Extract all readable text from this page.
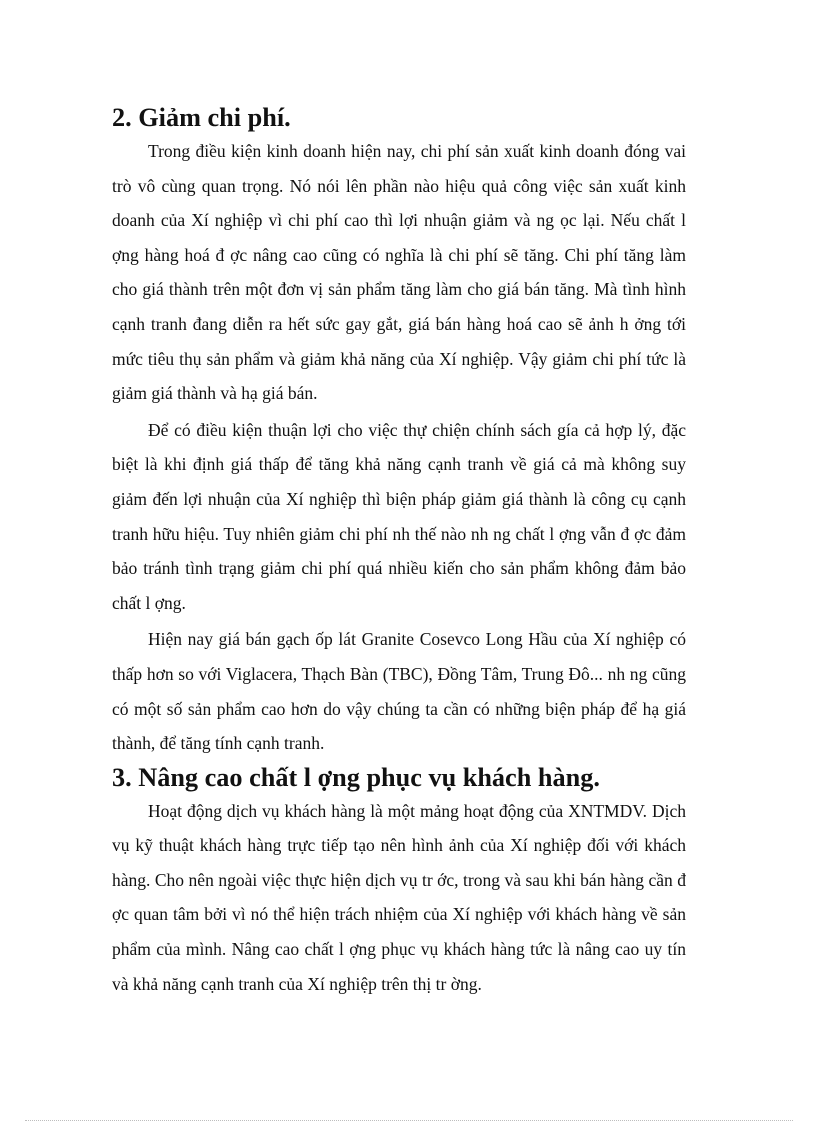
2. Giảm chi phí.

Trong điều kiện kinh doanh hiện nay, chi phí sản xuất kinh doanh đóng vai trò vô cùng quan trọng. Nó nói lên phần nào hiệu quả công việc sản xuất kinh doanh của Xí nghiệp vì chi phí cao thì lợi nhuận giảm và ng ọc lại. Nếu chất l ợng hàng hoá đ ợc nâng cao cũng có nghĩa là chi phí sẽ tăng. Chi phí tăng làm cho giá thành trên một đơn vị sản phẩm tăng làm cho giá bán tăng. Mà tình hình cạnh tranh đang diễn ra hết sức gay gắt, giá bán hàng hoá cao sẽ ảnh h ởng tới mức tiêu thụ sản phẩm và giảm khả năng của Xí nghiệp. Vậy giảm chi phí tức là giảm giá thành và hạ giá bán.

Để có điều kiện thuận lợi cho việc thự chiện chính sách gía cả hợp lý, đặc biệt là khi định giá thấp để tăng khả năng cạnh tranh về giá cả mà không suy giảm đến lợi nhuận của Xí nghiệp thì biện pháp giảm giá thành là công cụ cạnh tranh hữu hiệu. Tuy nhiên giảm chi phí nh thế nào nh ng chất l ợng vẫn đ ợc đảm bảo tránh tình trạng giảm chi phí quá nhiều kiến cho sản phẩm không đảm bảo chất l ợng.

Hiện nay giá bán gạch ốp lát Granite Cosevco Long Hầu của Xí nghiệp có thấp hơn so với Viglacera, Thạch Bàn (TBC), Đồng Tâm, Trung Đô... nh ng cũng có một số sản phẩm cao hơn do vậy chúng ta cần có những biện pháp để hạ giá thành, để tăng tính cạnh tranh.

3. Nâng cao chất l ợng phục vụ khách hàng.

Hoạt động dịch vụ khách hàng là một mảng hoạt động của XNTMDV. Dịch vụ kỹ thuật khách hàng trực tiếp tạo nên hình ảnh của Xí nghiệp đối với khách hàng. Cho nên ngoài việc thực hiện dịch vụ tr ớc, trong và sau khi bán hàng cần đ ợc quan tâm bởi vì nó thể hiện trách nhiệm của Xí nghiệp với khách hàng về sản phẩm của mình. Nâng cao chất l ợng phục vụ khách hàng tức là nâng cao uy tín và khả năng cạnh tranh của Xí nghiệp trên thị tr ờng.
